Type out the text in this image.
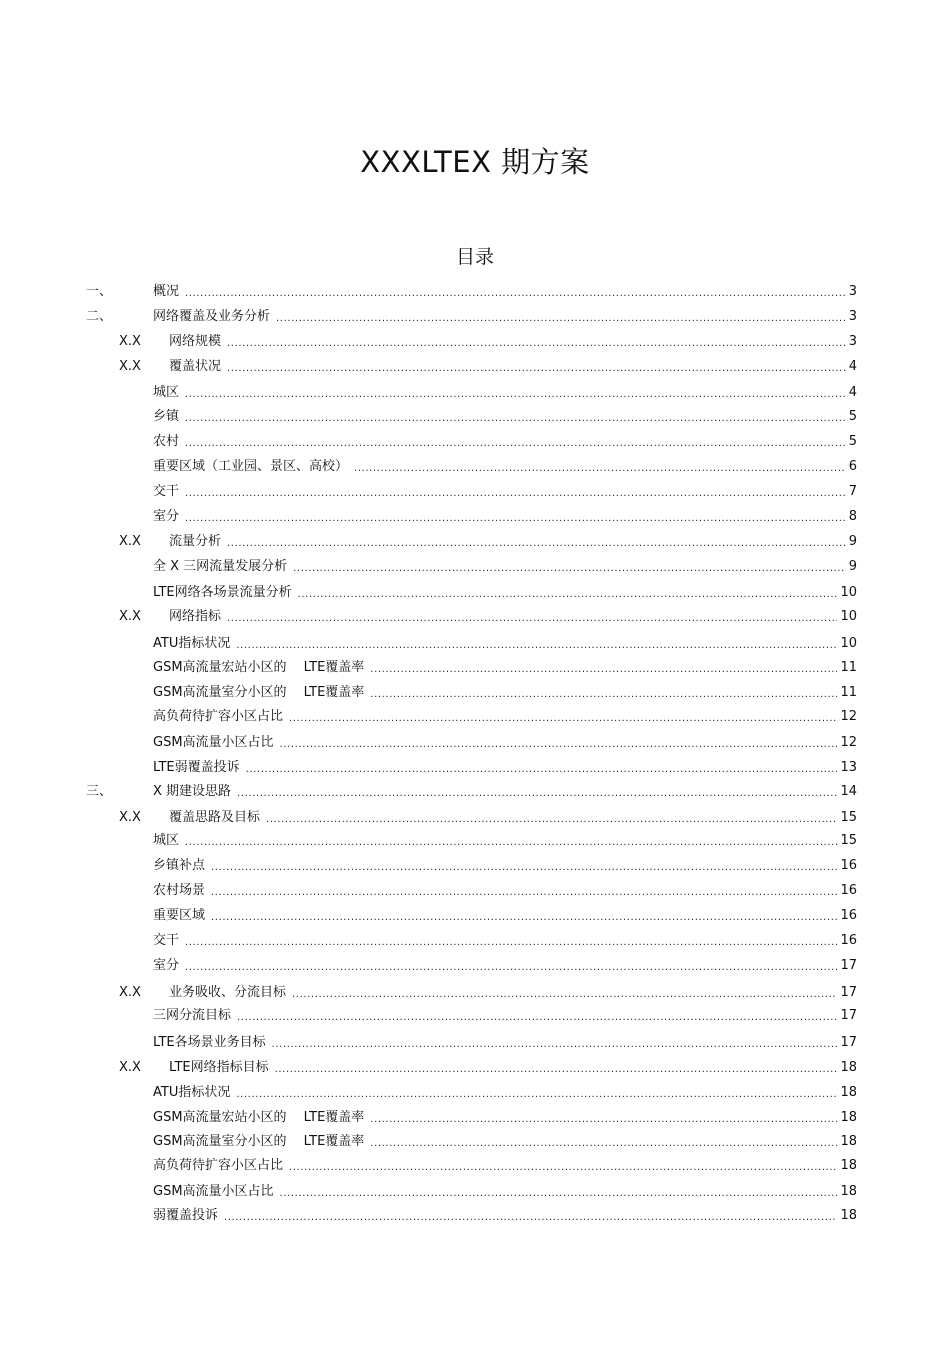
XXXLTEX 期方案
目录
一、	概况 .....	3
二、	网络覆盖及业务分析 .....	3
X.X 网络规模 .....	3
X.X 覆盖状况 .....	4
城区 .....	4
乡镇 .....	5
农村 .....	5
重要区域（工业园、景区、高校） .....	6
交干 .....	7
室分 .....	8
X.X 流量分析 .....	9
全 X 三网流量发展分析 .....	9
LTE网络各场景流量分析 .....	10
X.X 网络指标 .....	10
ATU指标状况 .....	10
GSM高流量宏站小区的　 LTE覆盖率 .....	11
GSM高流量室分小区的　 LTE覆盖率 .....	11
高负荷待扩容小区占比 .....	12
GSM高流量小区占比 .....	12
LTE弱覆盖投诉 .....	13
三、	X 期建设思路 .....	14
X.X 覆盖思路及目标 .....	15
城区 .....	15
乡镇补点 .....	16
农村场景 .....	16
重要区域 .....	16
交干 .....	16
室分 .....	17
X.X 业务吸收、分流目标 .....	17
三网分流目标 .....	17
LTE各场景业务目标 .....	17
X.X LTE网络指标目标 .....	18
ATU指标状况 .....	18
GSM高流量宏站小区的　 LTE覆盖率 .....	18
GSM高流量室分小区的　 LTE覆盖率 .....	18
高负荷待扩容小区占比 .....	18
GSM高流量小区占比 .....	18
弱覆盖投诉 .....	18
